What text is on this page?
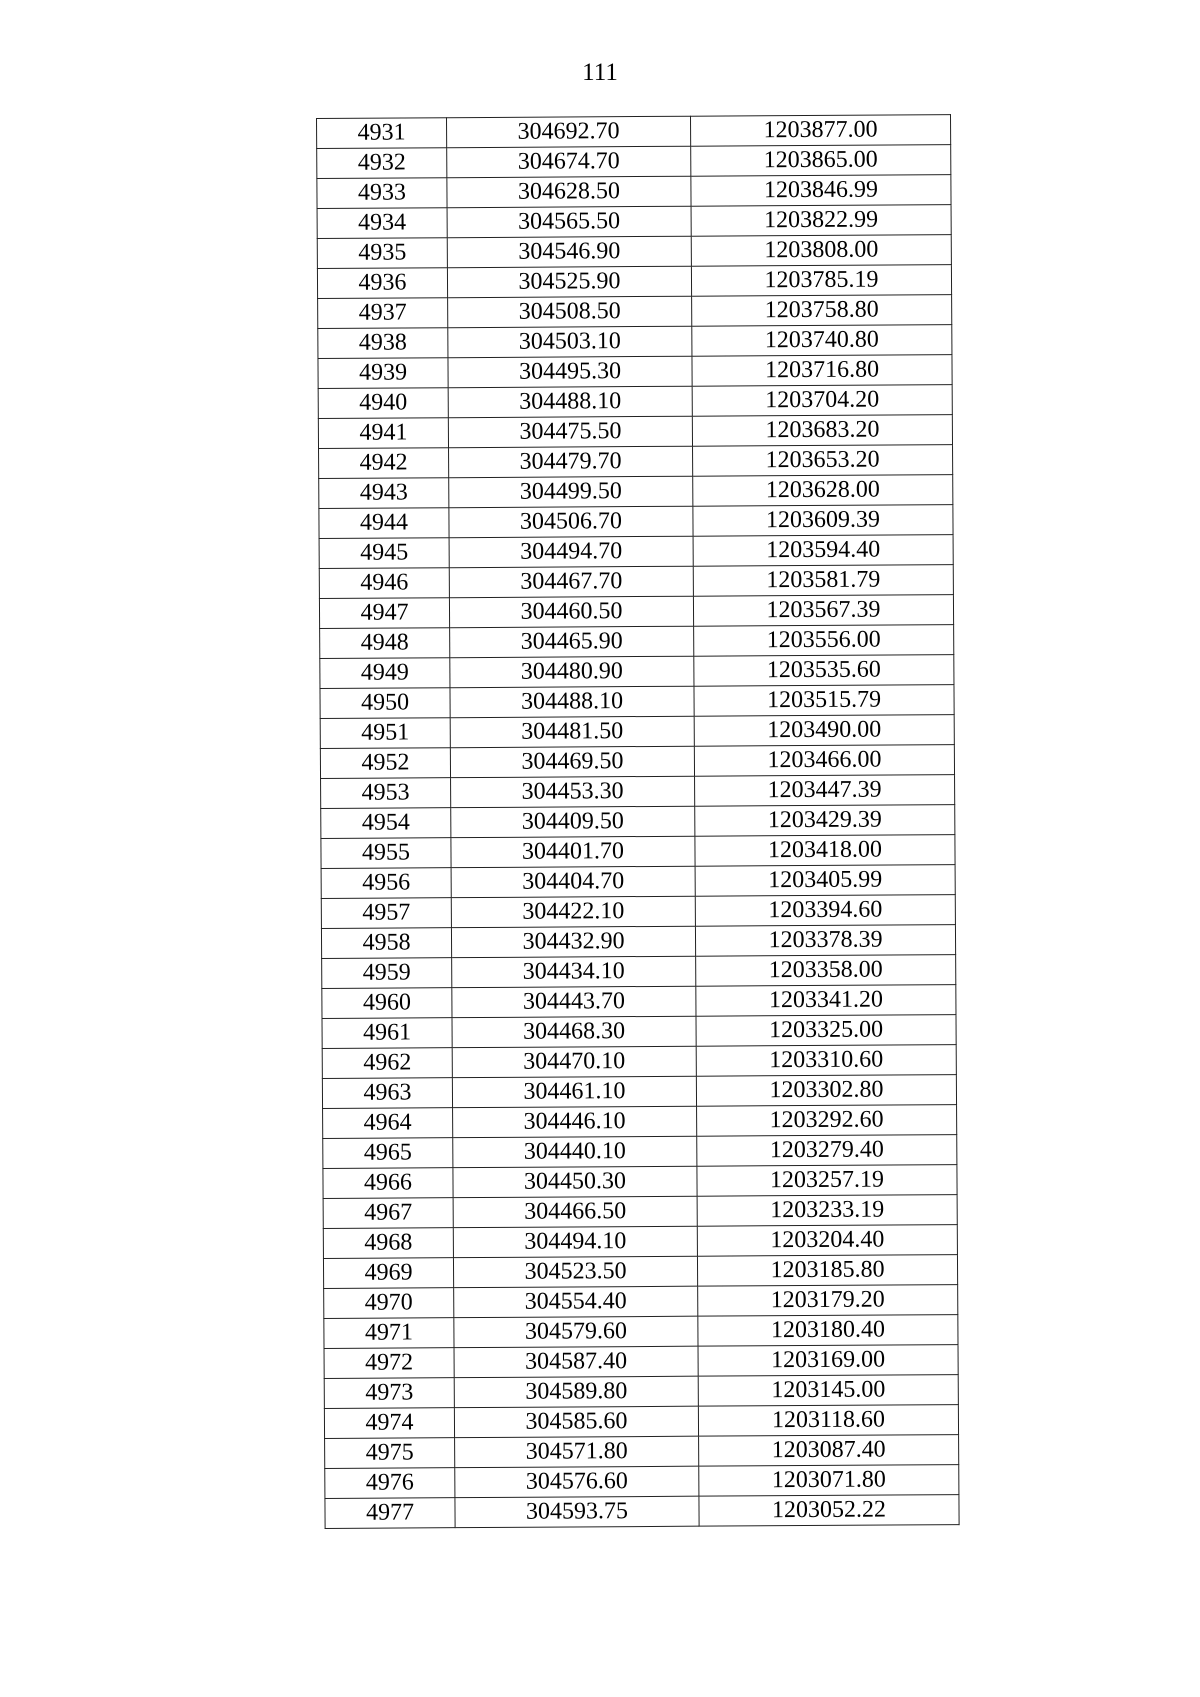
111
4931	304692.70	1203877.00
4932	304674.70	1203865.00
4933	304628.50	1203846.99
4934	304565.50	1203822.99
4935	304546.90	1203808.00
4936	304525.90	1203785.19
4937	304508.50	1203758.80
4938	304503.10	1203740.80
4939	304495.30	1203716.80
4940	304488.10	1203704.20
4941	304475.50	1203683.20
4942	304479.70	1203653.20
4943	304499.50	1203628.00
4944	304506.70	1203609.39
4945	304494.70	1203594.40
4946	304467.70	1203581.79
4947	304460.50	1203567.39
4948	304465.90	1203556.00
4949	304480.90	1203535.60
4950	304488.10	1203515.79
4951	304481.50	1203490.00
4952	304469.50	1203466.00
4953	304453.30	1203447.39
4954	304409.50	1203429.39
4955	304401.70	1203418.00
4956	304404.70	1203405.99
4957	304422.10	1203394.60
4958	304432.90	1203378.39
4959	304434.10	1203358.00
4960	304443.70	1203341.20
4961	304468.30	1203325.00
4962	304470.10	1203310.60
4963	304461.10	1203302.80
4964	304446.10	1203292.60
4965	304440.10	1203279.40
4966	304450.30	1203257.19
4967	304466.50	1203233.19
4968	304494.10	1203204.40
4969	304523.50	1203185.80
4970	304554.40	1203179.20
4971	304579.60	1203180.40
4972	304587.40	1203169.00
4973	304589.80	1203145.00
4974	304585.60	1203118.60
4975	304571.80	1203087.40
4976	304576.60	1203071.80
4977	304593.75	1203052.22
